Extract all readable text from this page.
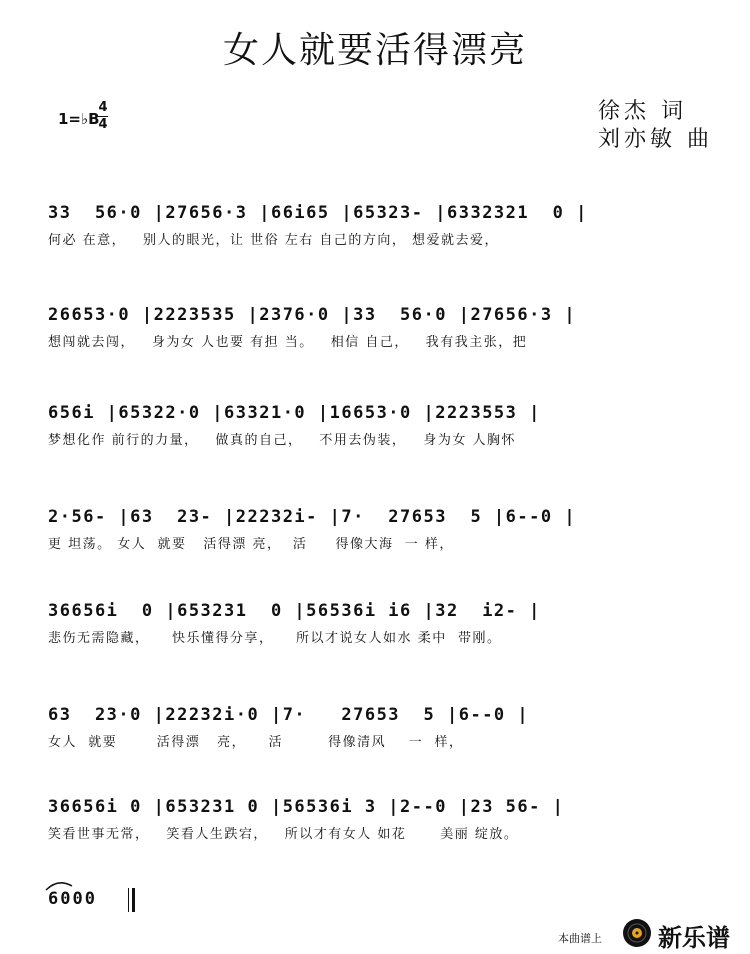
女人就要活得漂亮
1=♭B
4
4
徐杰 词
刘亦敏 曲
33  56·0 |27656·3 |66i65 |65323- |6332321  0 |
何必 在意，   别人的眼光，让 世俗 左右 自己的方向， 想爱就去爱，
26653·0 |2223535 |2376·0 |33  56·0 |27656·3 |
想闯就去闯，   身为女 人也要 有担 当。   相信 自己，   我有我主张，把
656i |65322·0 |63321·0 |16653·0 |2223553 |
梦想化作 前行的力量，   做真的自己，   不用去伪装，   身为女 人胸怀
2·56- |63  23- |22232i- |7·  27653  5 |6--0 |
更 坦荡。 女人  就要   活得漂 亮，  活     得像大海  一 样，
36656i  0 |653231  0 |56536i i6 |32  i2- |
悲伤无需隐藏，    快乐懂得分享，    所以才说女人如水 柔中  带刚。
63  23·0 |22232i·0 |7·   27653  5 |6--0 |
女人  就要       活得漂   亮，    活        得像清风    一  样，
36656i 0 |653231 0 |56536i 3 |2--0 |23 56- |
笑看世事无常，   笑看人生跌宕，   所以才有女人 如花      美丽 绽放。
6000
本曲谱上 新乐谱
